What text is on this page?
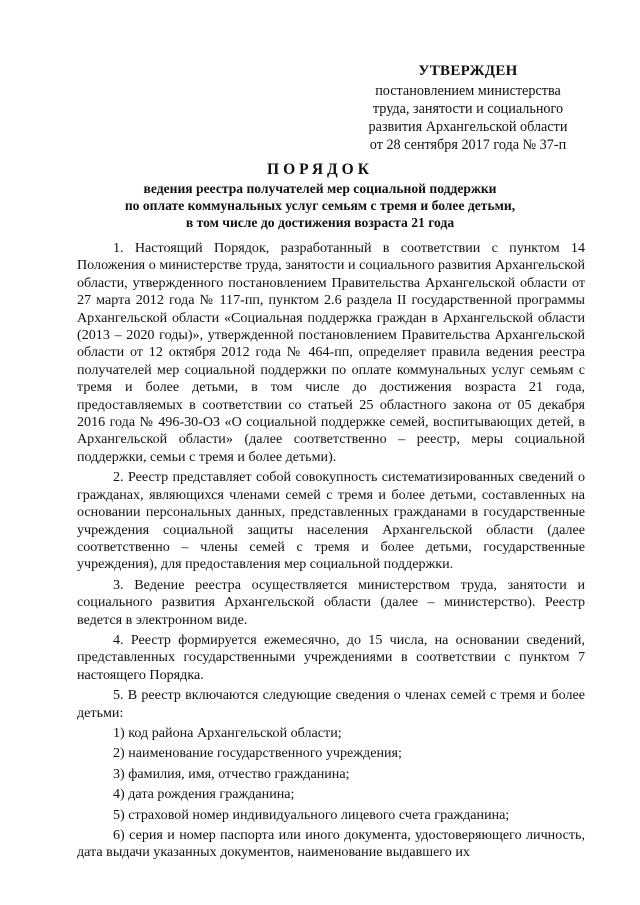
УТВЕРЖДЕН
постановлением министерства
труда, занятости и социального
развития Архангельской области
от 28 сентября 2017 года № 37-п
ПОРЯДОК
ведения реестра получателей мер социальной поддержки
по оплате коммунальных услуг семьям с тремя и более детьми,
в том числе до достижения возраста 21 года

1. Настоящий Порядок, разработанный в соответствии с пунктом 14 Положения о министерстве труда, занятости и социального развития Архангельской области, утвержденного постановлением Правительства Архангельской области от 27 марта 2012 года № 117-пп, пунктом 2.6 раздела II государственной программы Архангельской области «Социальная поддержка граждан в Архангельской области (2013 – 2020 годы)», утвержденной постановлением Правительства Архангельской области от 12 октября 2012 года № 464-пп, определяет правила ведения реестра получателей мер социальной поддержки по оплате коммунальных услуг семьям с тремя и более детьми, в том числе до достижения возраста 21 года, предоставляемых в соответствии со статьей 25 областного закона от 05 декабря 2016 года № 496-30-ОЗ «О социальной поддержке семей, воспитывающих детей, в Архангельской области» (далее соответственно – реестр, меры социальной поддержки, семьи с тремя и более детьми).

2. Реестр представляет собой совокупность систематизированных сведений о гражданах, являющихся членами семей с тремя и более детьми, составленных на основании персональных данных, представленных гражданами в государственные учреждения социальной защиты населения Архангельской области (далее соответственно – члены семей с тремя и более детьми, государственные учреждения), для предоставления мер социальной поддержки.

3. Ведение реестра осуществляется министерством труда, занятости и социального развития Архангельской области (далее – министерство). Реестр ведется в электронном виде.

4. Реестр формируется ежемесячно, до 15 числа, на основании сведений, представленных государственными учреждениями в соответствии с пунктом 7 настоящего Порядка.

5. В реестр включаются следующие сведения о членах семей с тремя и более детьми:

1) код района Архангельской области;

2) наименование государственного учреждения;

3) фамилия, имя, отчество гражданина;

4) дата рождения гражданина;

5) страховой номер индивидуального лицевого счета гражданина;

6) серия и номер паспорта или иного документа, удостоверяющего личность, дата выдачи указанных документов, наименование выдавшего их
